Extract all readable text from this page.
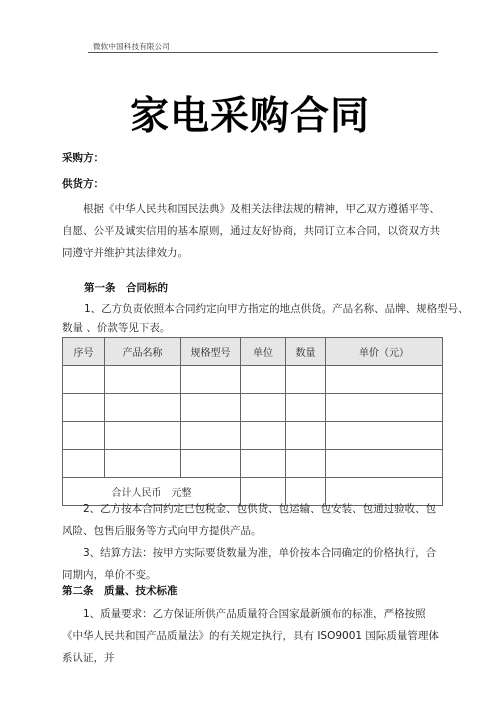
微软中国科技有限公司
家电采购合同
采购方：
供货方：
根据《中华人民共和国民法典》及相关法律法规的精神，甲乙双方遵循平等、自愿、公平及诚实信用的基本原则，通过友好协商，共同订立本合同，以资双方共同遵守并维护其法律效力。
第一条　合同标的
1、乙方负责依照本合同约定向甲方指定的地点供货。产品名称、品牌、规格型号、
数量 、价款等见下表。
序号	产品名称	规格型号	单位	数量	单价（元）

合计人民币　元整					
2、乙方按本合同约定已包税金、包供货、包运输、包安装、包通过验收、包风险、包售后服务等方式向甲方提供产品。
3、结算方法：按甲方实际要货数量为准，单价按本合同确定的价格执行，合同期内，单价不变。
第二条　质量、技术标准
1、质量要求：乙方保证所供产品质量符合国家最新颁布的标准，严格按照《中华人民共和国产品质量法》的有关规定执行，具有 ISO9001 国际质量管理体系认证，并
